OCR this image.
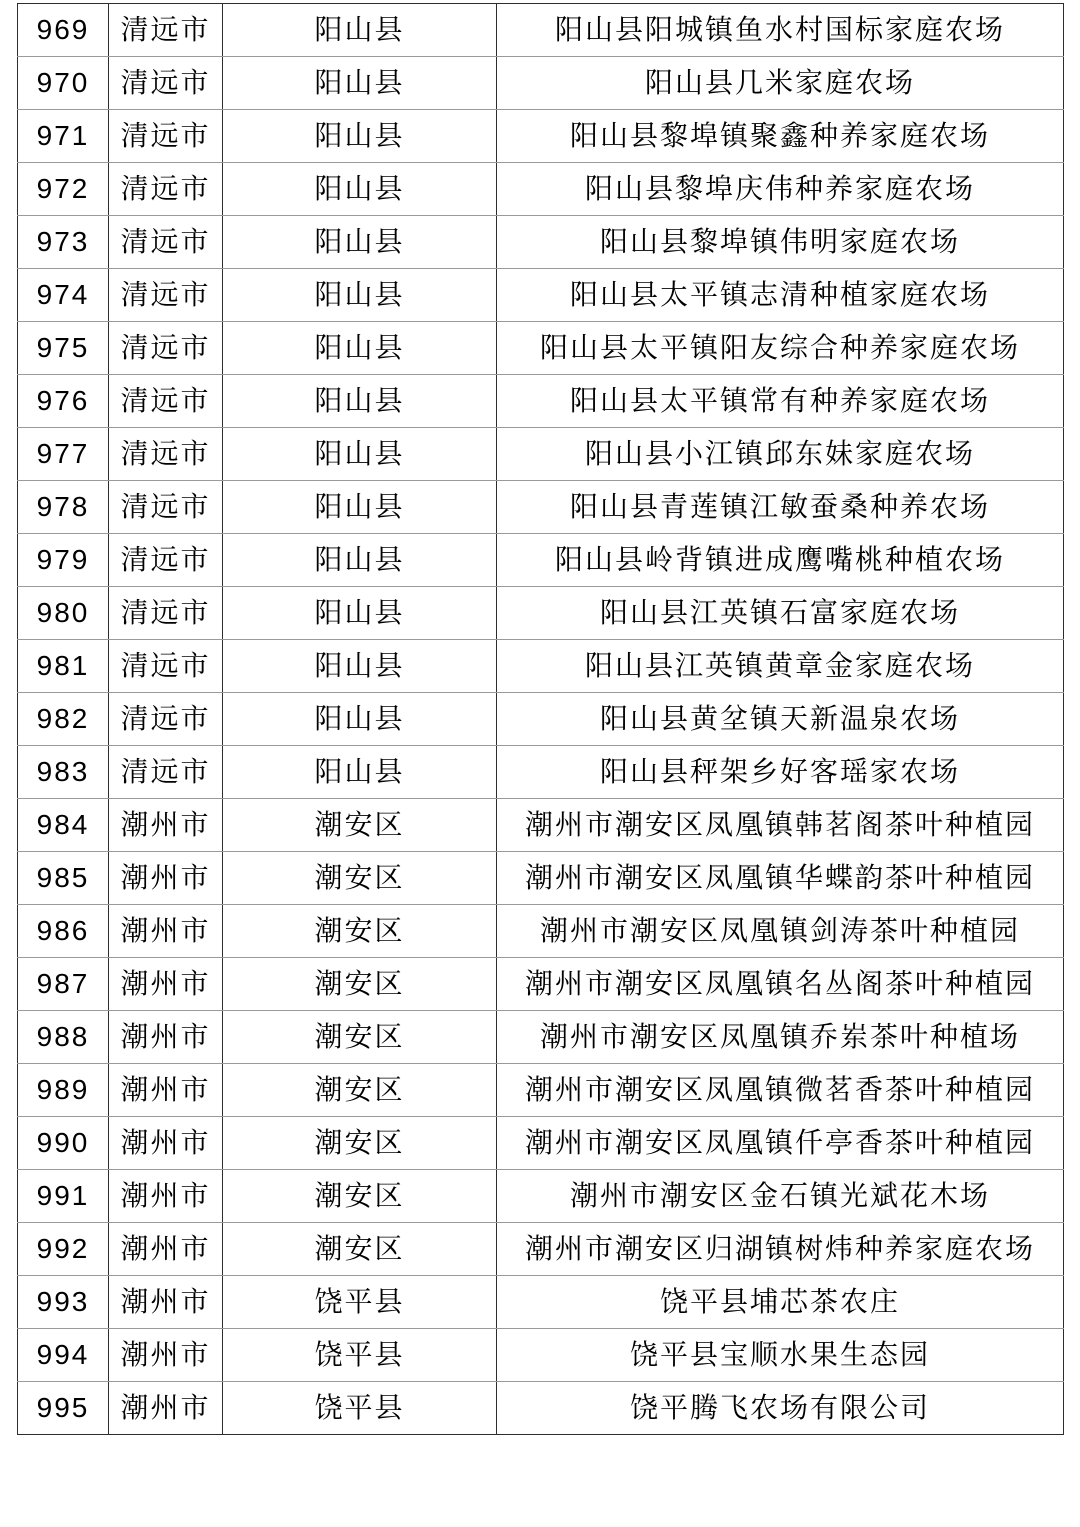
969	清远市	阳山县	阳山县阳城镇鱼水村国标家庭农场
970	清远市	阳山县	阳山县几米家庭农场
971	清远市	阳山县	阳山县黎埠镇聚鑫种养家庭农场
972	清远市	阳山县	阳山县黎埠庆伟种养家庭农场
973	清远市	阳山县	阳山县黎埠镇伟明家庭农场
974	清远市	阳山县	阳山县太平镇志清种植家庭农场
975	清远市	阳山县	阳山县太平镇阳友综合种养家庭农场
976	清远市	阳山县	阳山县太平镇常有种养家庭农场
977	清远市	阳山县	阳山县小江镇邱东妹家庭农场
978	清远市	阳山县	阳山县青莲镇江敏蚕桑种养农场
979	清远市	阳山县	阳山县岭背镇进成鹰嘴桃种植农场
980	清远市	阳山县	阳山县江英镇石富家庭农场
981	清远市	阳山县	阳山县江英镇黄章金家庭农场
982	清远市	阳山县	阳山县黄坌镇天新温泉农场
983	清远市	阳山县	阳山县秤架乡好客瑶家农场
984	潮州市	潮安区	潮州市潮安区凤凰镇韩茗阁茶叶种植园
985	潮州市	潮安区	潮州市潮安区凤凰镇华蝶韵茶叶种植园
986	潮州市	潮安区	潮州市潮安区凤凰镇剑涛茶叶种植园
987	潮州市	潮安区	潮州市潮安区凤凰镇名丛阁茶叶种植园
988	潮州市	潮安区	潮州市潮安区凤凰镇乔岽茶叶种植场
989	潮州市	潮安区	潮州市潮安区凤凰镇微茗香茶叶种植园
990	潮州市	潮安区	潮州市潮安区凤凰镇仟亭香茶叶种植园
991	潮州市	潮安区	潮州市潮安区金石镇光斌花木场
992	潮州市	潮安区	潮州市潮安区归湖镇树炜种养家庭农场
993	潮州市	饶平县	饶平县埔芯茶农庄
994	潮州市	饶平县	饶平县宝顺水果生态园
995	潮州市	饶平县	饶平腾飞农场有限公司
